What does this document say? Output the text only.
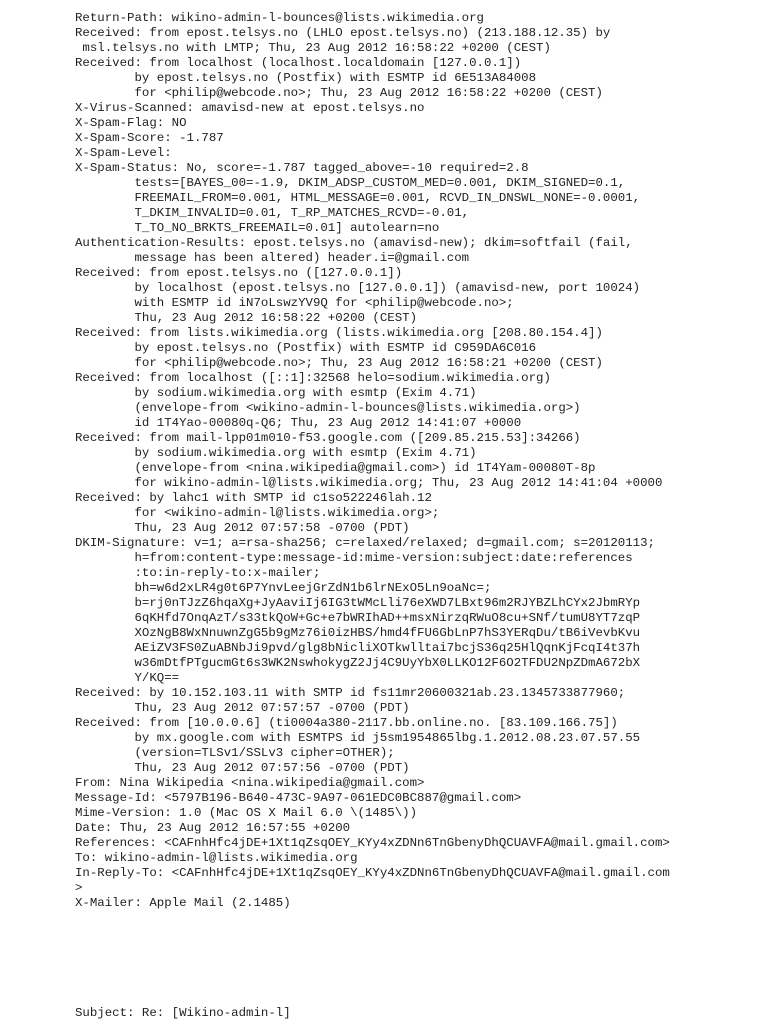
Return-Path: wikino-admin-l-bounces@lists.wikimedia.org
Received: from epost.telsys.no (LHLO epost.telsys.no) (213.188.12.35) by
msl.telsys.no with LMTP; Thu, 23 Aug 2012 16:58:22 +0200 (CEST)
Received: from localhost (localhost.localdomain [127.0.0.1])
by epost.telsys.no (Postfix) with ESMTP id 6E513A84008
for <philip@webcode.no>; Thu, 23 Aug 2012 16:58:22 +0200 (CEST)
X-Virus-Scanned: amavisd-new at epost.telsys.no
X-Spam-Flag: NO
X-Spam-Score: -1.787
X-Spam-Level:
X-Spam-Status: No, score=-1.787 tagged_above=-10 required=2.8
tests=[BAYES_00=-1.9, DKIM_ADSP_CUSTOM_MED=0.001, DKIM_SIGNED=0.1,
FREEMAIL_FROM=0.001, HTML_MESSAGE=0.001, RCVD_IN_DNSWL_NONE=-0.0001,
T_DKIM_INVALID=0.01, T_RP_MATCHES_RCVD=-0.01,
T_TO_NO_BRKTS_FREEMAIL=0.01] autolearn=no
Authentication-Results: epost.telsys.no (amavisd-new); dkim=softfail (fail,
message has been altered) header.i=@gmail.com
Received: from epost.telsys.no ([127.0.0.1])
by localhost (epost.telsys.no [127.0.0.1]) (amavisd-new, port 10024)
with ESMTP id iN7oLswzYV9Q for <philip@webcode.no>;
Thu, 23 Aug 2012 16:58:22 +0200 (CEST)
Received: from lists.wikimedia.org (lists.wikimedia.org [208.80.154.4])
by epost.telsys.no (Postfix) with ESMTP id C959DA6C016
for <philip@webcode.no>; Thu, 23 Aug 2012 16:58:21 +0200 (CEST)
Received: from localhost ([::1]:32568 helo=sodium.wikimedia.org)
by sodium.wikimedia.org with esmtp (Exim 4.71)
(envelope-from <wikino-admin-l-bounces@lists.wikimedia.org>)
id 1T4Yao-00080q-Q6; Thu, 23 Aug 2012 14:41:07 +0000
Received: from mail-lpp01m010-f53.google.com ([209.85.215.53]:34266)
by sodium.wikimedia.org with esmtp (Exim 4.71)
(envelope-from <nina.wikipedia@gmail.com>) id 1T4Yam-00080T-8p
for wikino-admin-l@lists.wikimedia.org; Thu, 23 Aug 2012 14:41:04 +0000
Received: by lahc1 with SMTP id c1so522246lah.12
for <wikino-admin-l@lists.wikimedia.org>;
Thu, 23 Aug 2012 07:57:58 -0700 (PDT)
DKIM-Signature: v=1; a=rsa-sha256; c=relaxed/relaxed; d=gmail.com; s=20120113;
h=from:content-type:message-id:mime-version:subject:date:references
:to:in-reply-to:x-mailer;
bh=w6d2xLR4g0t6P7YnvLeejGrZdN1b6lrNExO5Ln9oaNc=;
b=rj0nTJzZ6hqaXg+JyAaviIj6IG3tWMcLli76eXWD7LBxt96m2RJYBZLhCYx2JbmRYp
6qKHfd7OnqAzT/s33tkQoW+Gc+e7bWRIhAD++msxNirzqRWuO8cu+SNf/tumU8YT7zqP
XOzNgB8WxNnuwnZgG5b9gMz76i0izHBS/hmd4fFU6GbLnP7hS3YERqDu/tB6iVevbKvu
AEiZV3FS0ZuABNbJi9pvd/glg8bNicliXOTkwlltai7bcjS36q25HlQqnKjFcqI4t37h
w36mDtfPTgucmGt6s3WK2NswhokygZ2Jj4C9UyYbX0LLKO12F6O2TFDU2NpZDmA672bX
Y/KQ==
Received: by 10.152.103.11 with SMTP id fs11mr20600321ab.23.1345733877960;
Thu, 23 Aug 2012 07:57:57 -0700 (PDT)
Received: from [10.0.0.6] (ti0004a380-2117.bb.online.no. [83.109.166.75])
by mx.google.com with ESMTPS id j5sm1954865lbg.1.2012.08.23.07.57.55
(version=TLSv1/SSLv3 cipher=OTHER);
Thu, 23 Aug 2012 07:57:56 -0700 (PDT)
From: Nina Wikipedia <nina.wikipedia@gmail.com>
Message-Id: <5797B196-B640-473C-9A97-061EDC0BC887@gmail.com>
Mime-Version: 1.0 (Mac OS X Mail 6.0 \(1485\))
Date: Thu, 23 Aug 2012 16:57:55 +0200
References: <CAFnhHfc4jDE+1Xt1qZsqOEY_KYy4xZDNn6TnGbenyDhQCUAVFA@mail.gmail.com>
To: wikino-admin-l@lists.wikimedia.org
In-Reply-To: <CAFnhHfc4jDE+1Xt1qZsqOEY_KYy4xZDNn6TnGbenyDhQCUAVFA@mail.gmail.com
>
X-Mailer: Apple Mail (2.1485)
Subject: Re: [Wikino-admin-l]
